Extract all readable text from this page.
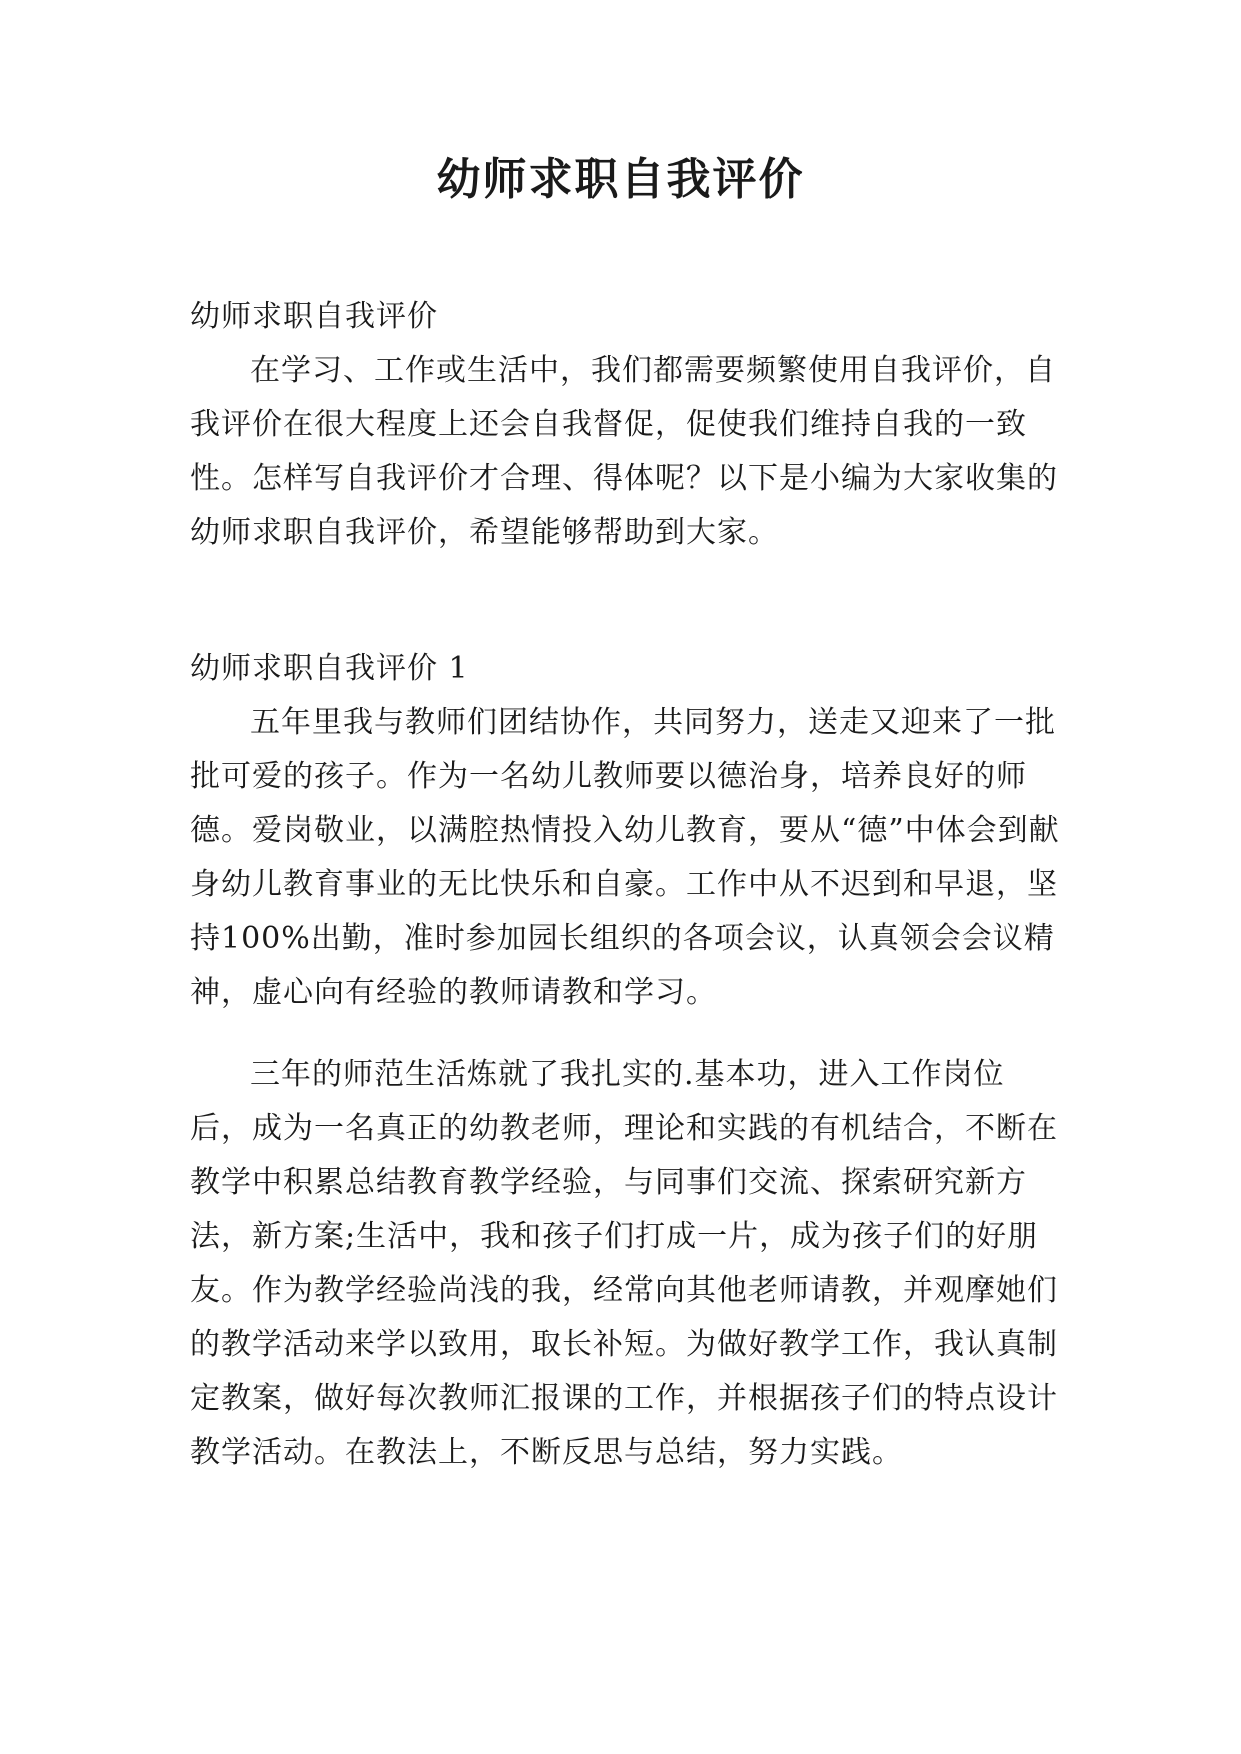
幼师求职自我评价

幼师求职自我评价

在学习、工作或生活中，我们都需要频繁使用自我评价，自我评价在很大程度上还会自我督促，促使我们维持自我的一致性。怎样写自我评价才合理、得体呢？以下是小编为大家收集的幼师求职自我评价，希望能够帮助到大家。

幼师求职自我评价 1

五年里我与教师们团结协作，共同努力，送走又迎来了一批批可爱的孩子。作为一名幼儿教师要以德治身，培养良好的师德。爱岗敬业，以满腔热情投入幼儿教育，要从“德”中体会到献身幼儿教育事业的无比快乐和自豪。工作中从不迟到和早退，坚持100%出勤，准时参加园长组织的各项会议，认真领会会议精神，虚心向有经验的教师请教和学习。

三年的师范生活炼就了我扎实的.基本功，进入工作岗位后，成为一名真正的幼教老师，理论和实践的有机结合，不断在教学中积累总结教育教学经验，与同事们交流、探索研究新方法，新方案;生活中，我和孩子们打成一片，成为孩子们的好朋友。作为教学经验尚浅的我，经常向其他老师请教，并观摩她们的教学活动来学以致用，取长补短。为做好教学工作，我认真制定教案，做好每次教师汇报课的工作，并根据孩子们的特点设计教学活动。在教法上，不断反思与总结，努力实践。
